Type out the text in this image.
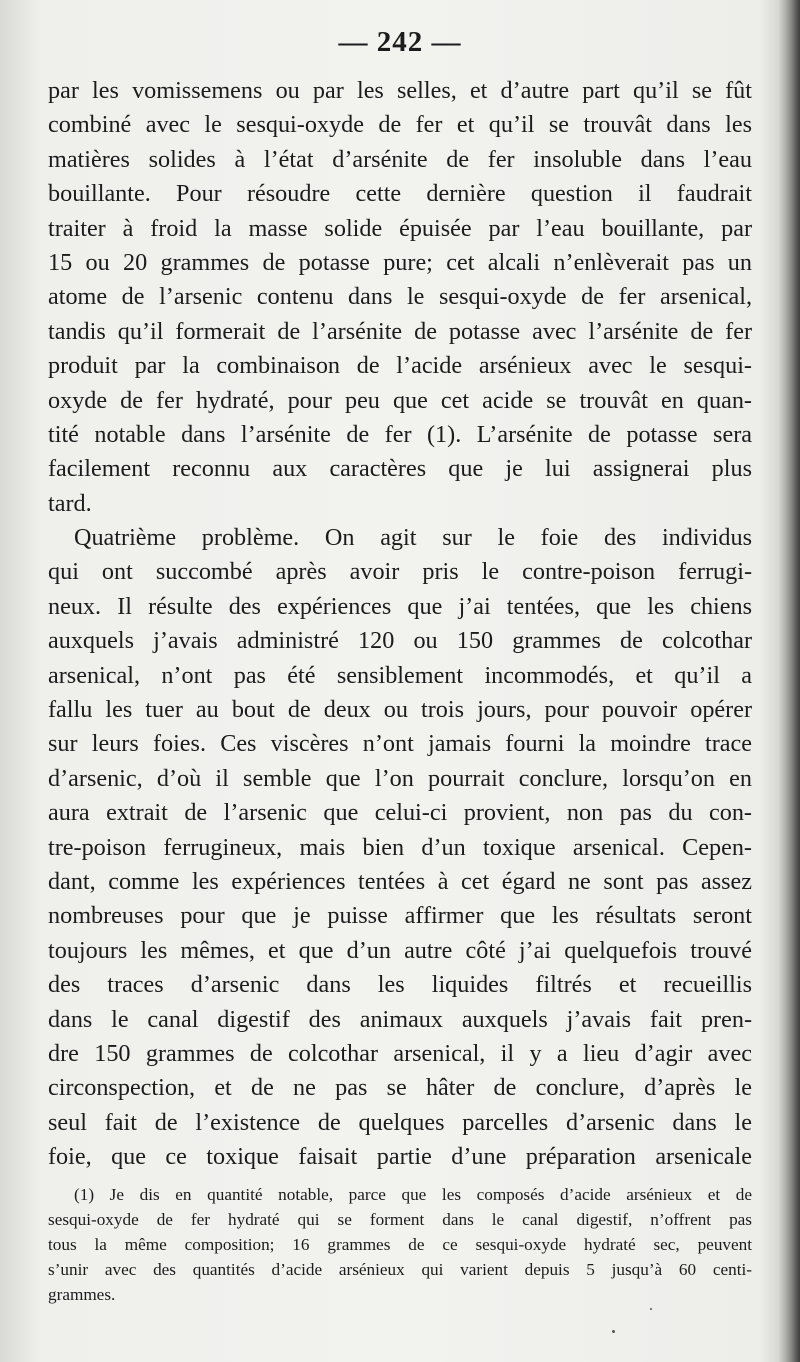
— 242 —
par les vomissemens ou par les selles, et d’autre part qu’il se fût
combiné avec le sesqui-oxyde de fer et qu’il se trouvât dans les
matières solides à l’état d’arsénite de fer insoluble dans l’eau
bouillante. Pour résoudre cette dernière question il faudrait
traiter à froid la masse solide épuisée par l’eau bouillante, par
15 ou 20 grammes de potasse pure; cet alcali n’enlèverait pas un
atome de l’arsenic contenu dans le sesqui-oxyde de fer arsenical,
tandis qu’il formerait de l’arsénite de potasse avec l’arsénite de fer
produit par la combinaison de l’acide arsénieux avec le sesqui-
oxyde de fer hydraté, pour peu que cet acide se trouvât en quan-
tité notable dans l’arsénite de fer (1). L’arsénite de potasse sera
facilement reconnu aux caractères que je lui assignerai plus
tard.
Quatrième problème. On agit sur le foie des individus
qui ont succombé après avoir pris le contre-poison ferrugi-
neux. Il résulte des expériences que j’ai tentées, que les chiens
auxquels j’avais administré 120 ou 150 grammes de colcothar
arsenical, n’ont pas été sensiblement incommodés, et qu’il a
fallu les tuer au bout de deux ou trois jours, pour pouvoir opérer
sur leurs foies. Ces viscères n’ont jamais fourni la moindre trace
d’arsenic, d’où il semble que l’on pourrait conclure, lorsqu’on en
aura extrait de l’arsenic que celui-ci provient, non pas du con-
tre-poison ferrugineux, mais bien d’un toxique arsenical. Cepen-
dant, comme les expériences tentées à cet égard ne sont pas assez
nombreuses pour que je puisse affirmer que les résultats seront
toujours les mêmes, et que d’un autre côté j’ai quelquefois trouvé
des traces d’arsenic dans les liquides filtrés et recueillis
dans le canal digestif des animaux auxquels j’avais fait pren-
dre 150 grammes de colcothar arsenical, il y a lieu d’agir avec
circonspection, et de ne pas se hâter de conclure, d’après le
seul fait de l’existence de quelques parcelles d’arsenic dans le
foie, que ce toxique faisait partie d’une préparation arsenicale
(1) Je dis en quantité notable, parce que les composés d’acide arsénieux et de
sesqui-oxyde de fer hydraté qui se forment dans le canal digestif, n’offrent pas
tous la même composition; 16 grammes de ce sesqui-oxyde hydraté sec, peuvent
s’unir avec des quantités d’acide arsénieux qui varient depuis 5 jusqu’à 60 centi-
grammes.
